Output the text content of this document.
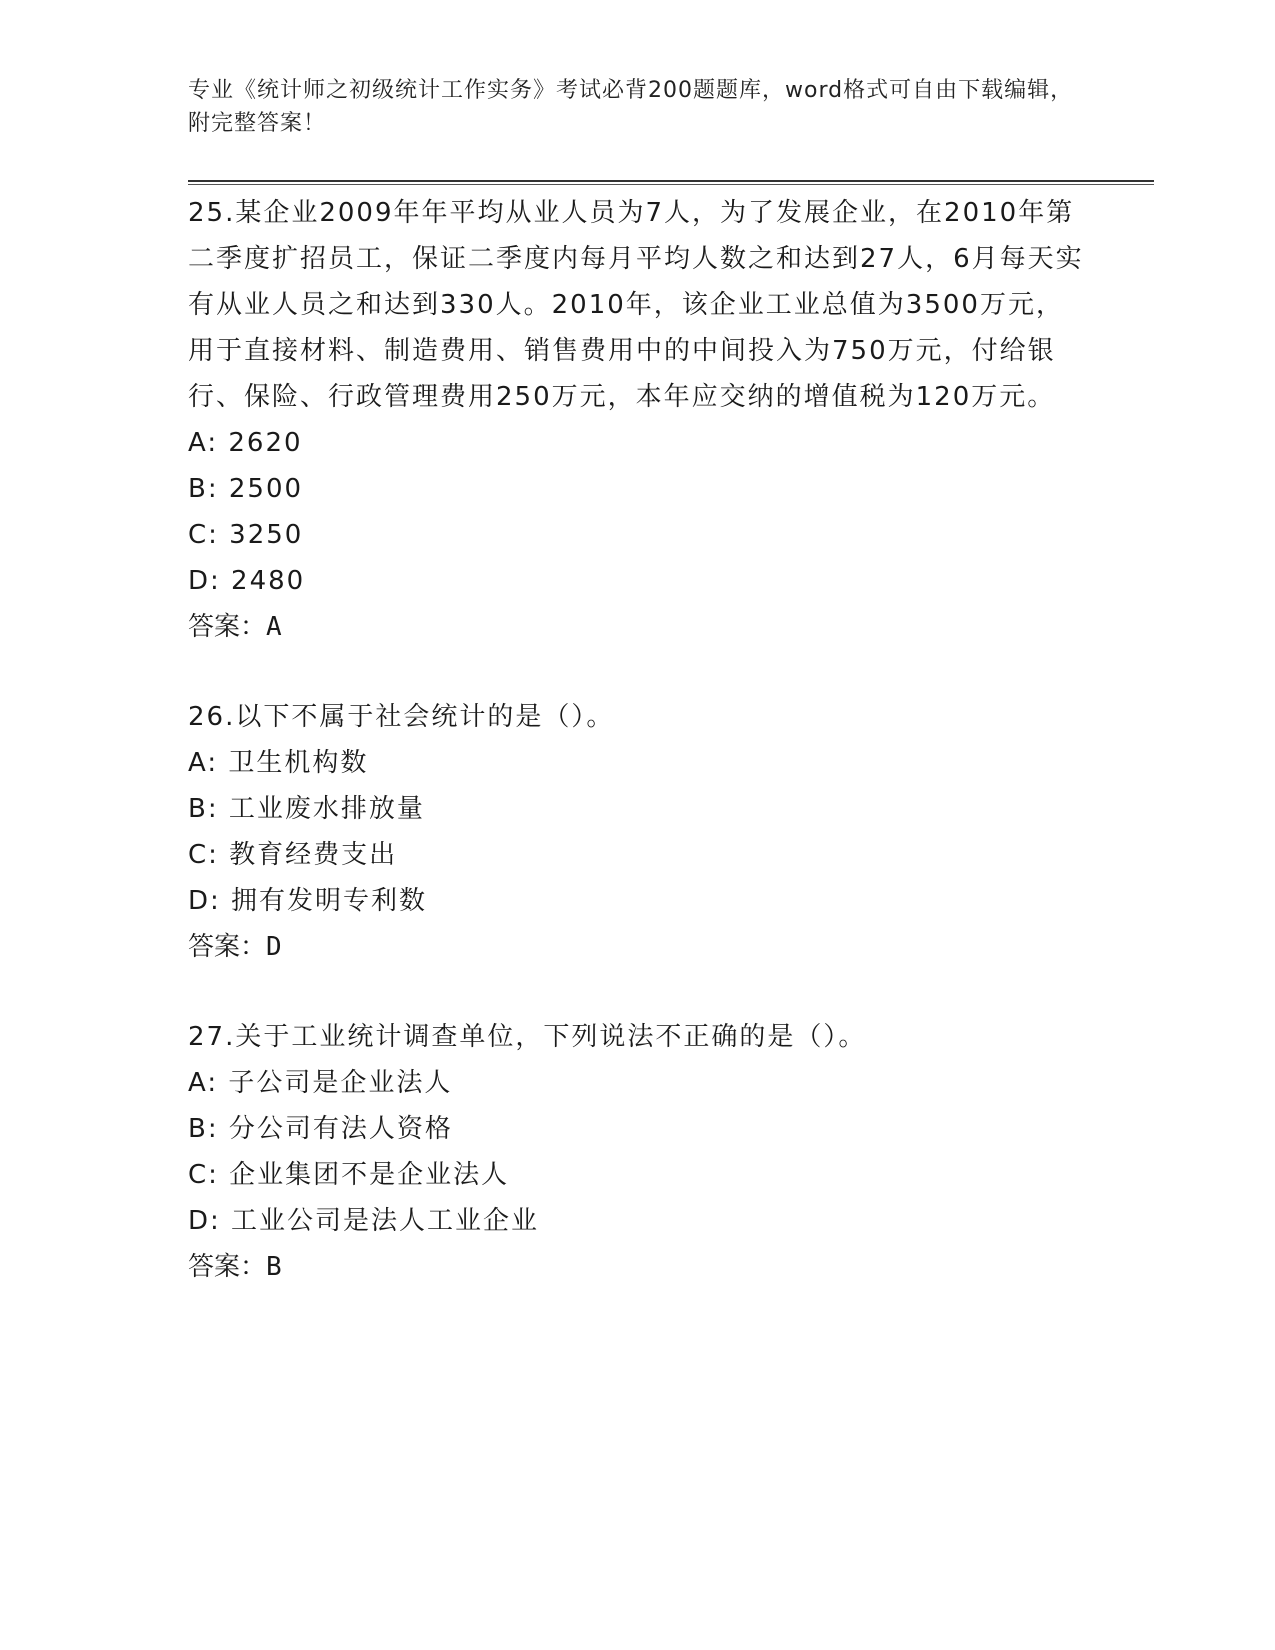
专业《统计师之初级统计工作实务》考试必背200题题库，word格式可自由下载编辑，附完整答案！

25.某企业2009年年平均从业人员为7人，为了发展企业，在2010年第二季度扩招员工，保证二季度内每月平均人数之和达到27人，6月每天实有从业人员之和达到330人。2010年，该企业工业总值为3500万元，用于直接材料、制造费用、销售费用中的中间投入为750万元，付给银行、保险、行政管理费用250万元，本年应交纳的增值税为120万元。

A: 2620

B: 2500

C: 3250

D: 2480

答案：A

26.以下不属于社会统计的是（）。

A: 卫生机构数

B: 工业废水排放量

C: 教育经费支出

D: 拥有发明专利数

答案：D

27.关于工业统计调查单位，下列说法不正确的是（）。

A: 子公司是企业法人

B: 分公司有法人资格

C: 企业集团不是企业法人

D: 工业公司是法人工业企业

答案：B
